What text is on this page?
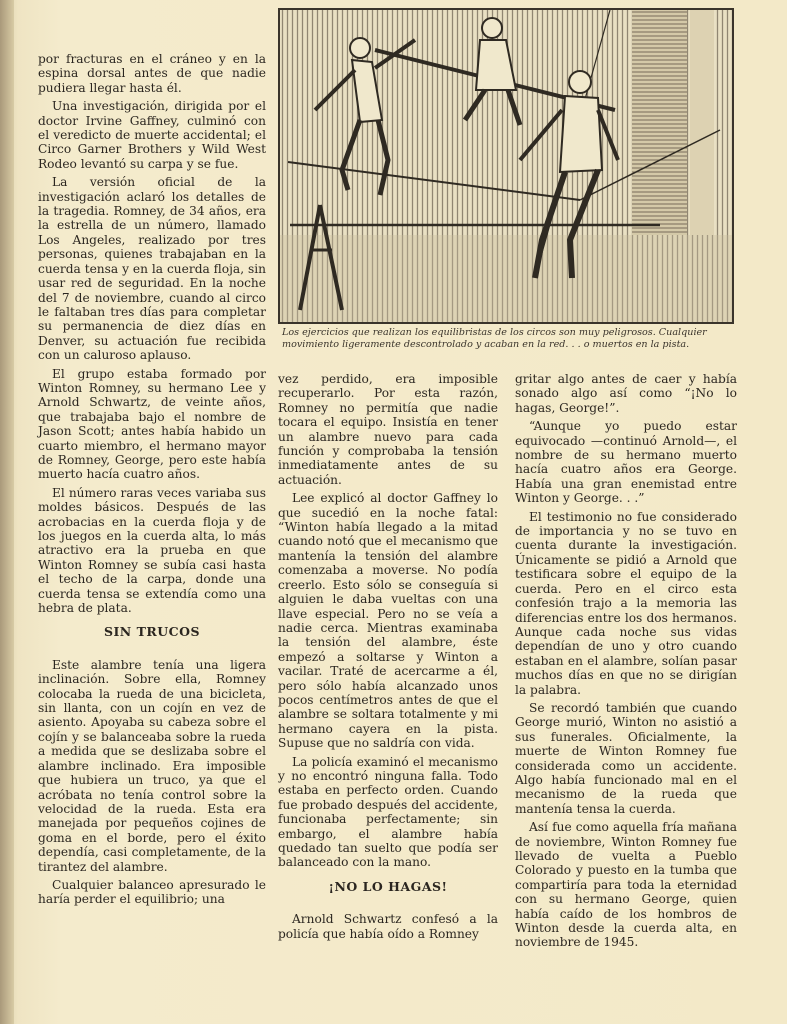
Los ejercicios que realizan los equilibristas de los circos son muy peligrosos. Cualquier movimiento ligeramente descontrolado y acaban en la red. . . o muertos en la pista.

por fracturas en el cráneo y en la espina dorsal antes de que nadie pudiera llegar hasta él.

Una investigación, dirigida por el doctor Irvine Gaffney, culminó con el veredicto de muerte accidental; el Circo Garner Brothers y Wild West Rodeo levantó su carpa y se fue.

La versión oficial de la investigación aclaró los detalles de la tragedia. Romney, de 34 años, era la estrella de un número, llamado Los Angeles, realizado por tres personas, quienes trabajaban en la cuerda tensa y en la cuerda floja, sin usar red de seguridad. En la noche del 7 de noviembre, cuando al circo le faltaban tres días para completar su permanencia de diez días en Denver, su actuación fue recibida con un caluroso aplauso.

El grupo estaba formado por Winton Romney, su hermano Lee y Arnold Schwartz, de veinte años, que trabajaba bajo el nombre de Jason Scott; antes había habido un cuarto miembro, el hermano mayor de Romney, George, pero este había muerto hacía cuatro años.

El número raras veces variaba sus moldes básicos. Después de las acrobacias en la cuerda floja y de los juegos en la cuerda alta, lo más atractivo era la prueba en que Winton Romney se subía casi hasta el techo de la carpa, donde una cuerda tensa se extendía como una hebra de plata.

SIN TRUCOS

Este alambre tenía una ligera inclinación. Sobre ella, Romney colocaba la rueda de una bicicleta, sin llanta, con un cojín en vez de asiento. Apoyaba su cabeza sobre el cojín y se balanceaba sobre la rueda a medida que se deslizaba sobre el alambre inclinado. Era imposible que hubiera un truco, ya que el acróbata no tenía control sobre la velocidad de la rueda. Esta era manejada por pequeños cojines de goma en el borde, pero el éxito dependía, casi completamente, de la tirantez del alambre.

Cualquier balanceo apresurado le haría perder el equilibrio; una

vez perdido, era imposible recuperarlo. Por esta razón, Romney no permitía que nadie tocara el equipo. Insistía en tener un alambre nuevo para cada función y comprobaba la tensión inmediatamente antes de su actuación.

Lee explicó al doctor Gaffney lo que sucedió en la noche fatal: “Winton había llegado a la mitad cuando notó que el mecanismo que mantenía la tensión del alambre comenzaba a moverse. No podía creerlo. Esto sólo se conseguía si alguien le daba vueltas con una llave especial. Pero no se veía a nadie cerca. Mientras examinaba la tensión del alambre, éste empezó a soltarse y Winton a vacilar. Traté de acercarme a él, pero sólo había alcanzado unos pocos centímetros antes de que el alambre se soltara totalmente y mi hermano cayera en la pista. Supuse que no saldría con vida.

La policía examinó el mecanismo y no encontró ninguna falla. Todo estaba en perfecto orden. Cuando fue probado después del accidente, funcionaba perfectamente; sin embargo, el alambre había quedado tan suelto que podía ser balanceado con la mano.

¡NO LO HAGAS!

Arnold Schwartz confesó a la policía que había oído a Romney

gritar algo antes de caer y había sonado algo así como “¡No lo hagas, George!”.

“Aunque yo puedo estar equivocado —continuó Arnold—, el nombre de su hermano muerto hacía cuatro años era George. Había una gran enemistad entre Winton y George. . .”

El testimonio no fue considerado de importancia y no se tuvo en cuenta durante la investigación. Únicamente se pidió a Arnold que testificara sobre el equipo de la cuerda. Pero en el circo esta confesión trajo a la memoria las diferencias entre los dos hermanos. Aunque cada noche sus vidas dependían de uno y otro cuando estaban en el alambre, solían pasar muchos días en que no se dirigían la palabra.

Se recordó también que cuando George murió, Winton no asistió a sus funerales. Oficialmente, la muerte de Winton Romney fue considerada como un accidente. Algo había funcionado mal en el mecanismo de la rueda que mantenía tensa la cuerda.

Así fue como aquella fría mañana de noviembre, Winton Romney fue llevado de vuelta a Pueblo Colorado y puesto en la tumba que compartiría para toda la eternidad con su hermano George, quien había caído de los hombros de Winton desde la cuerda alta, en noviembre de 1945.
